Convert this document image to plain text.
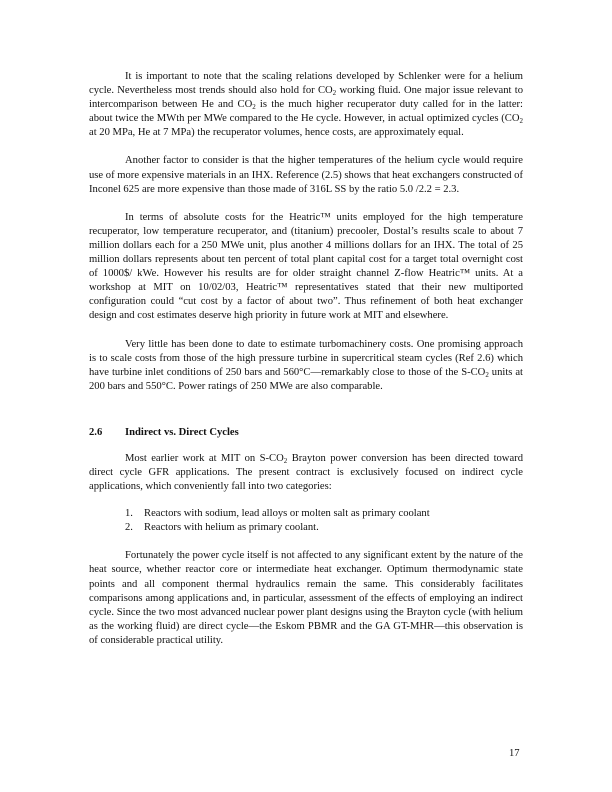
It is important to note that the scaling relations developed by Schlenker were for a helium cycle. Nevertheless most trends should also hold for $CO_2$ working fluid. One major issue relevant to intercomparison between He and $CO_2$ is the much higher recuperator duty called for in the latter: about twice the MWth per MWe compared to the He cycle. However, in actual optimized cycles ($CO_2$ at 20 MPa, He at 7 MPa) the recuperator volumes, hence costs, are approximately equal.

Another factor to consider is that the higher temperatures of the helium cycle would require use of more expensive materials in an IHX. Reference (2.5) shows that heat exchangers constructed of Inconel 625 are more expensive than those made of 316L SS by the ratio 5.0 /2.2 = 2.3.

In terms of absolute costs for the Heatric™ units employed for the high temperature recuperator, low temperature recuperator, and (titanium) precooler, Dostal’s results scale to about 7 million dollars each for a 250 MWe unit, plus another 4 millions dollars for an IHX. The total of 25 million dollars represents about ten percent of total plant capital cost for a target total overnight cost of 1000$/ kWe. However his results are for older straight channel Z-flow Heatric™ units. At a workshop at MIT on 10/02/03, Heatric™ representatives stated that their new multiported configuration could “cut cost by a factor of about two”. Thus refinement of both heat exchanger design and cost estimates deserve high priority in future work at MIT and elsewhere.

Very little has been done to date to estimate turbomachinery costs. One promising approach is to scale costs from those of the high pressure turbine in supercritical steam cycles (Ref 2.6) which have turbine inlet conditions of 250 bars and 560°C—remarkably close to those of the $S-CO_2$ units at 200 bars and 550°C. Power ratings of 250 MWe are also comparable.

2.6	Indirect vs. Direct Cycles

Most earlier work at MIT on $S-CO_2$ Brayton power conversion has been directed toward direct cycle GFR applications. The present contract is exclusively focused on indirect cycle applications, which conveniently fall into two categories:

1.	Reactors with sodium, lead alloys or molten salt as primary coolant
2.	Reactors with helium as primary coolant.

Fortunately the power cycle itself is not affected to any significant extent by the nature of the heat source, whether reactor core or intermediate heat exchanger. Optimum thermodynamic state points and all component thermal hydraulics remain the same. This considerably facilitates comparisons among applications and, in particular, assessment of the effects of employing an indirect cycle. Since the two most advanced nuclear power plant designs using the Brayton cycle (with helium as the working fluid) are direct cycle—the Eskom PBMR and the GA GT-MHR—this observation is of considerable practical utility.

17
